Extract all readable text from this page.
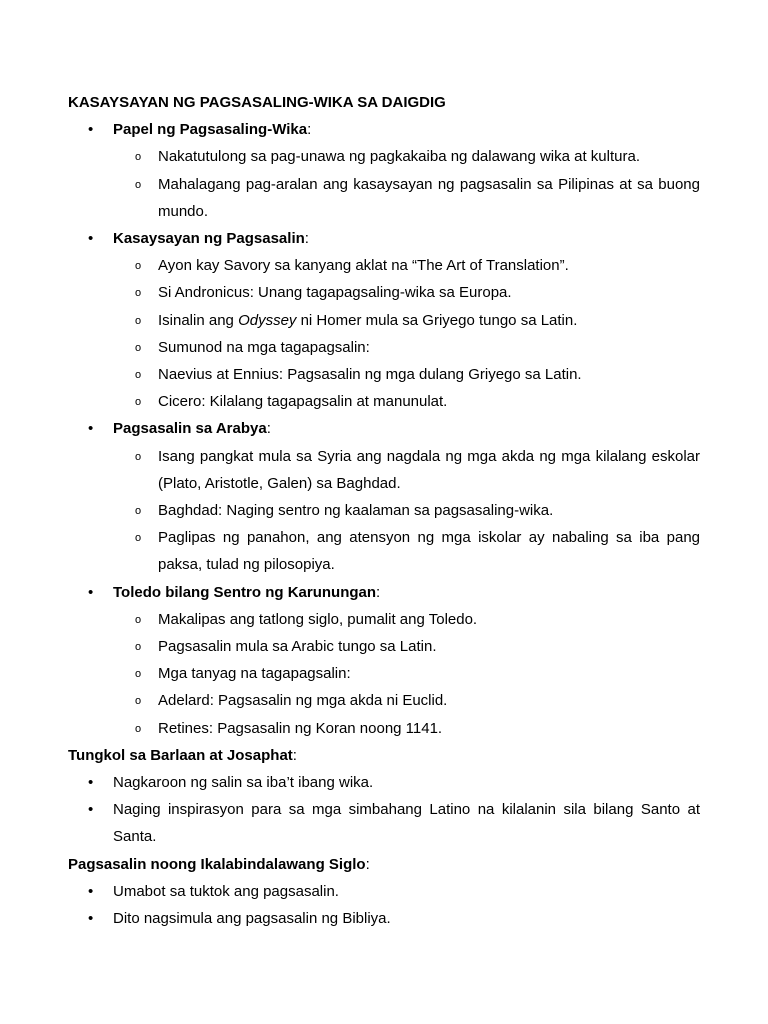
KASAYSAYAN NG PAGSASALING-WIKA SA DAIGDIG

• Papel ng Pagsasaling-Wika:
o Nakatutulong sa pag-unawa ng pagkakaiba ng dalawang wika at kultura.
o Mahalagang pag-aralan ang kasaysayan ng pagsasalin sa Pilipinas at sa buong mundo.
• Kasaysayan ng Pagsasalin:
o Ayon kay Savory sa kanyang aklat na “The Art of Translation”.
o Si Andronicus: Unang tagapagsaling-wika sa Europa.
o Isinalin ang Odyssey ni Homer mula sa Griyego tungo sa Latin.
o Sumunod na mga tagapagsalin:
o Naevius at Ennius: Pagsasalin ng mga dulang Griyego sa Latin.
o Cicero: Kilalang tagapagsalin at manunulat.
• Pagsasalin sa Arabya:
o Isang pangkat mula sa Syria ang nagdala ng mga akda ng mga kilalang eskolar (Plato, Aristotle, Galen) sa Baghdad.
o Baghdad: Naging sentro ng kaalaman sa pagsasaling-wika.
o Paglipas ng panahon, ang atensyon ng mga iskolar ay nabaling sa iba pang paksa, tulad ng pilosopiya.
• Toledo bilang Sentro ng Karunungan:
o Makalipas ang tatlong siglo, pumalit ang Toledo.
o Pagsasalin mula sa Arabic tungo sa Latin.
o Mga tanyag na tagapagsalin:
o Adelard: Pagsasalin ng mga akda ni Euclid.
o Retines: Pagsasalin ng Koran noong 1141.

Tungkol sa Barlaan at Josaphat:

• Nagkaroon ng salin sa iba’t ibang wika.
• Naging inspirasyon para sa mga simbahang Latino na kilalanin sila bilang Santo at Santa.

Pagsasalin noong Ikalabindalawang Siglo:

• Umabot sa tuktok ang pagsasalin.
• Dito nagsimula ang pagsasalin ng Bibliya.
